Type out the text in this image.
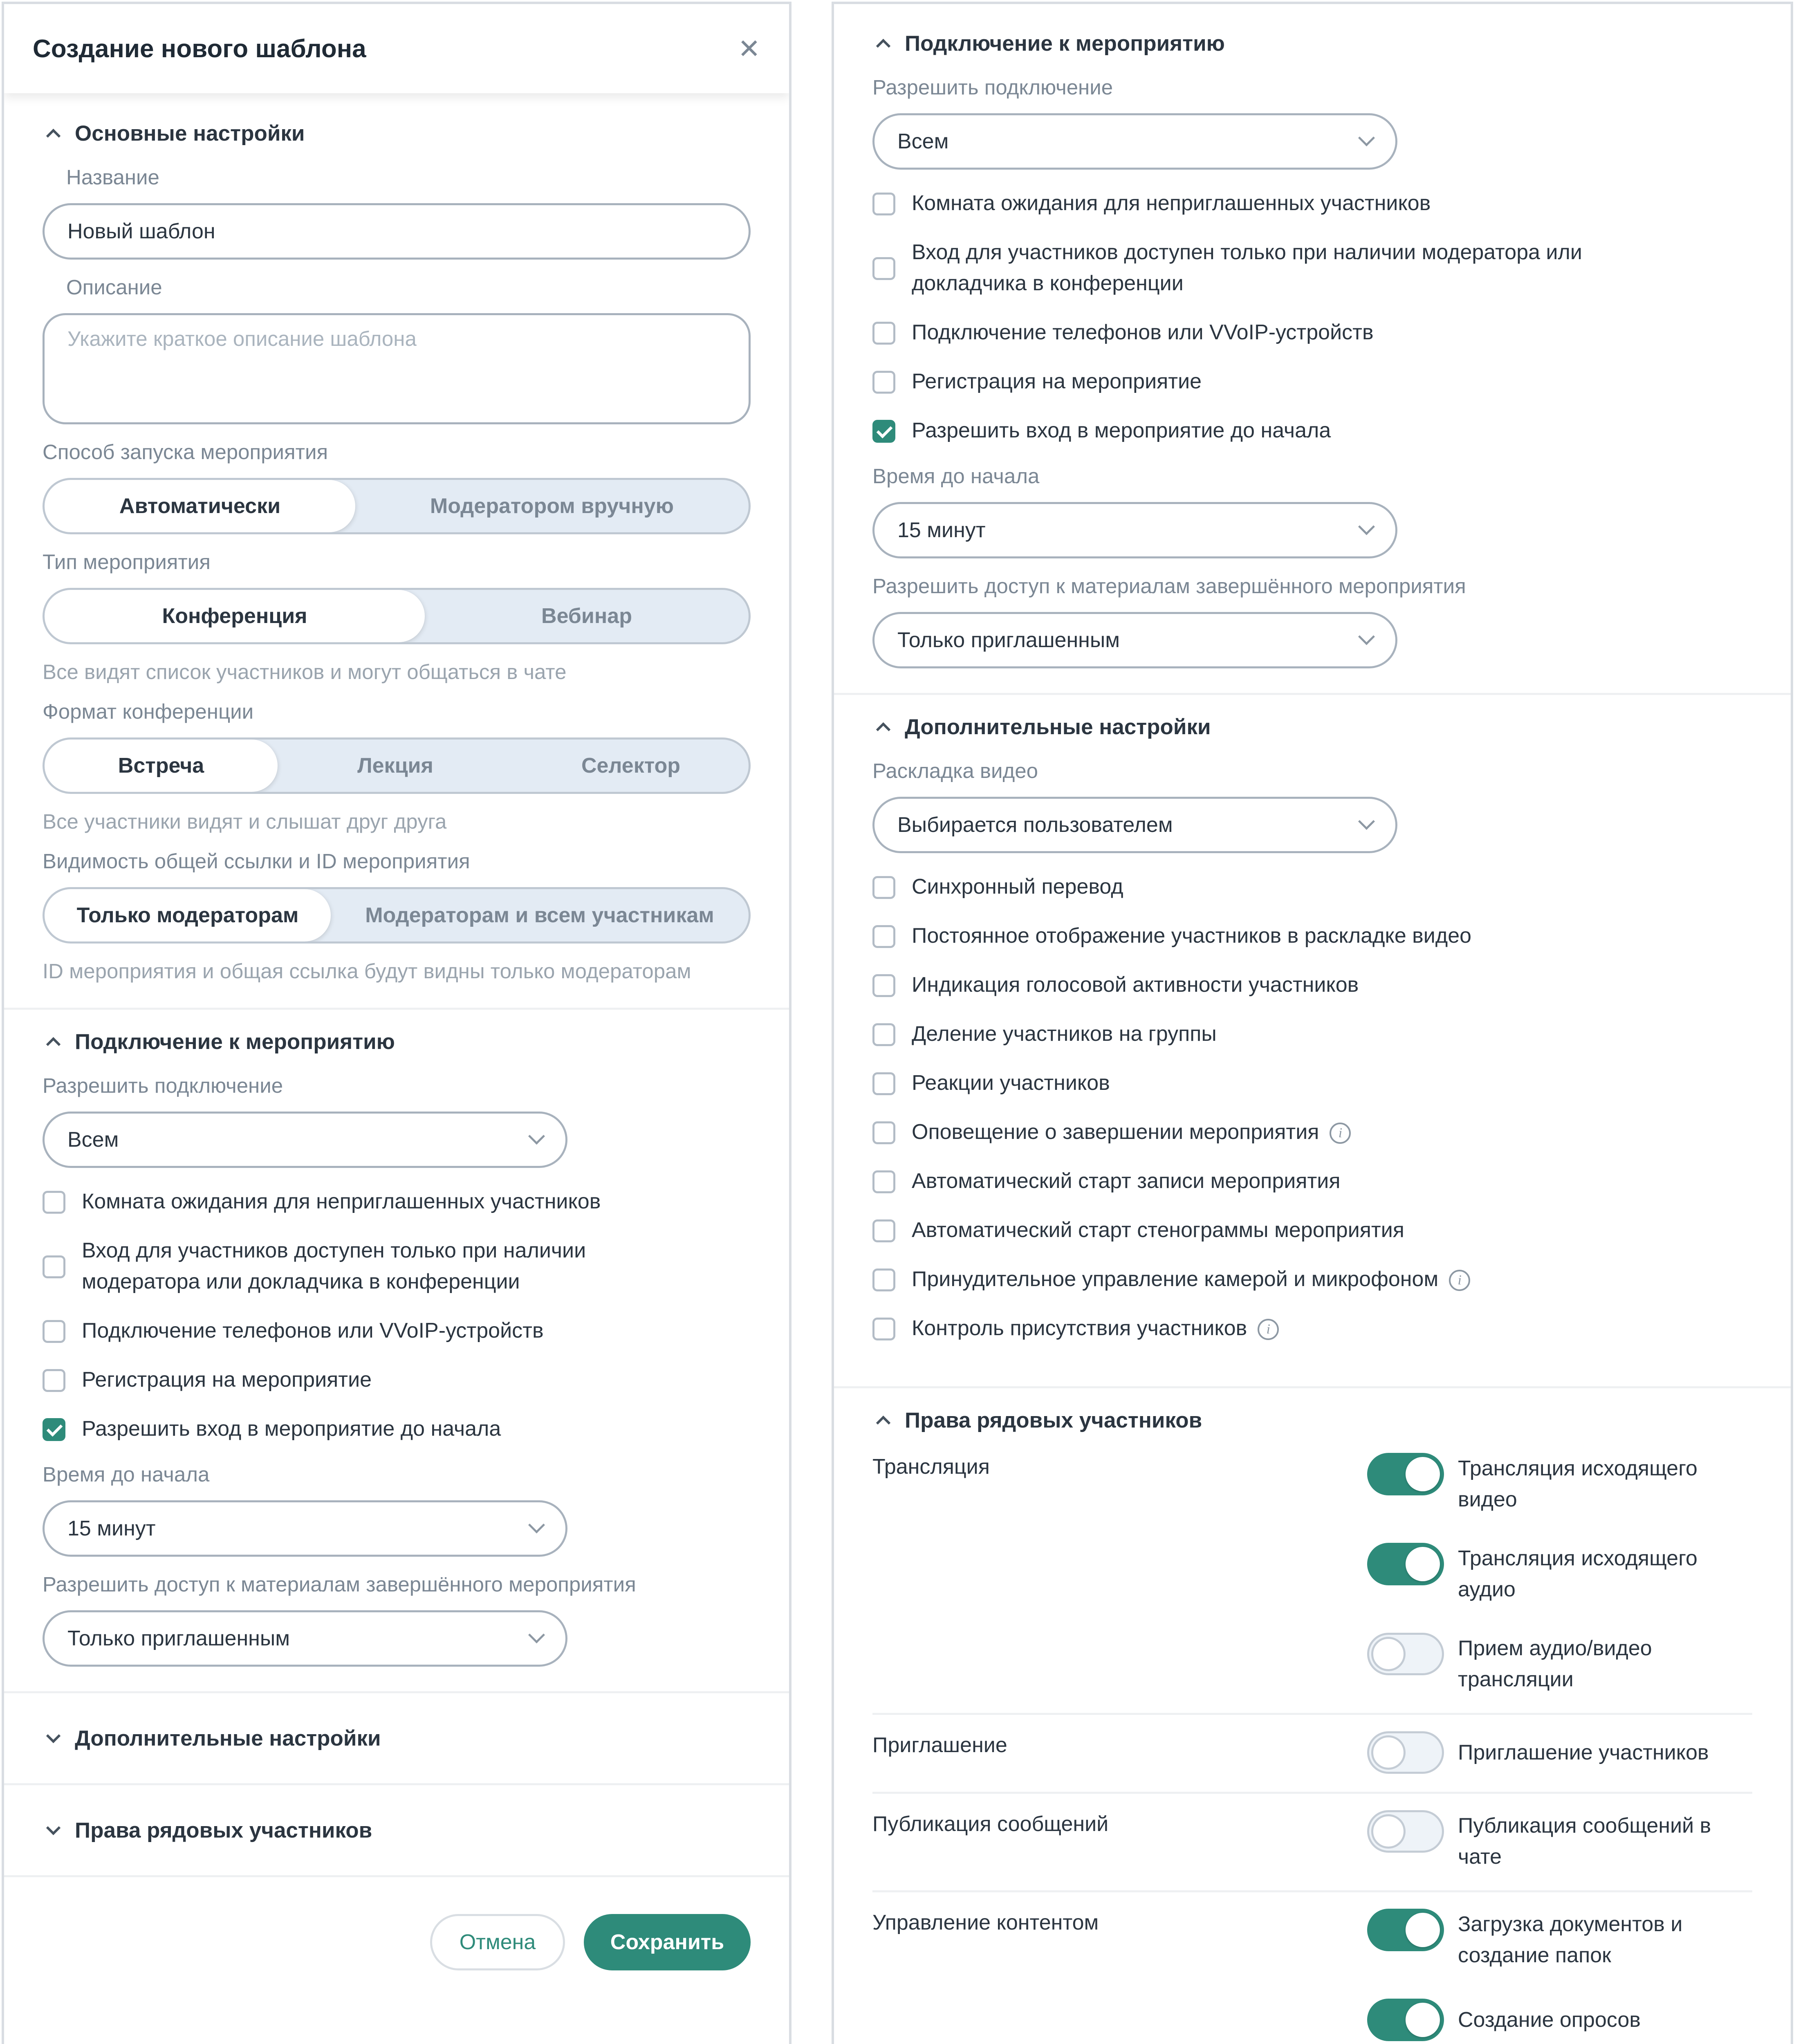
Создание нового шаблона	✕
Основные настройки
Название
Новый шаблон
Описание
Укажите краткое описание шаблона
Способ запуска мероприятия
Автоматически	Модератором вручную
Тип мероприятия
Конференция	Вебинар
Все видят список участников и могут общаться в чате
Формат конференции
Встреча	Лекция	Селектор
Все участники видят и слышат друг друга
Видимость общей ссылки и ID мероприятия
Только модераторам	Модераторам и всем участникам
ID мероприятия и общая ссылка будут видны только модераторам
Подключение к мероприятию
Разрешить подключение
Всем
Комната ожидания для неприглашенных участников
Вход для участников доступен только при наличии
модератора или докладчика в конференции
Подключение телефонов или VVoIP-устройств
Регистрация на мероприятие
Разрешить вход в мероприятие до начала
Время до начала
15 минут
Разрешить доступ к материалам завершённого мероприятия
Только приглашенным
Дополнительные настройки
Права рядовых участников
Отмена	Сохранить
Подключение к мероприятию
Разрешить подключение
Всем
Комната ожидания для неприглашенных участников
Вход для участников доступен только при наличии модератора или
докладчика в конференции
Подключение телефонов или VVoIP-устройств
Регистрация на мероприятие
Разрешить вход в мероприятие до начала
Время до начала
15 минут
Разрешить доступ к материалам завершённого мероприятия
Только приглашенным
Дополнительные настройки
Раскладка видео
Выбирается пользователем
Синхронный перевод
Постоянное отображение участников в раскладке видео
Индикация голосовой активности участников
Деление участников на группы
Реакции участников
Оповещение о завершении мероприятия i
Автоматический старт записи мероприятия
Автоматический старт стенограммы мероприятия
Принудительное управление камерой и микрофоном i
Контроль присутствия участников i
Права рядовых участников
Трансляция	Трансляция исходящего
видео
Трансляция исходящего
аудио
Прием аудио/видео
трансляции
Приглашение	Приглашение участников
Публикация сообщений	Публикация сообщений в
чате
Управление контентом	Загрузка документов и
создание папок
Создание опросов
